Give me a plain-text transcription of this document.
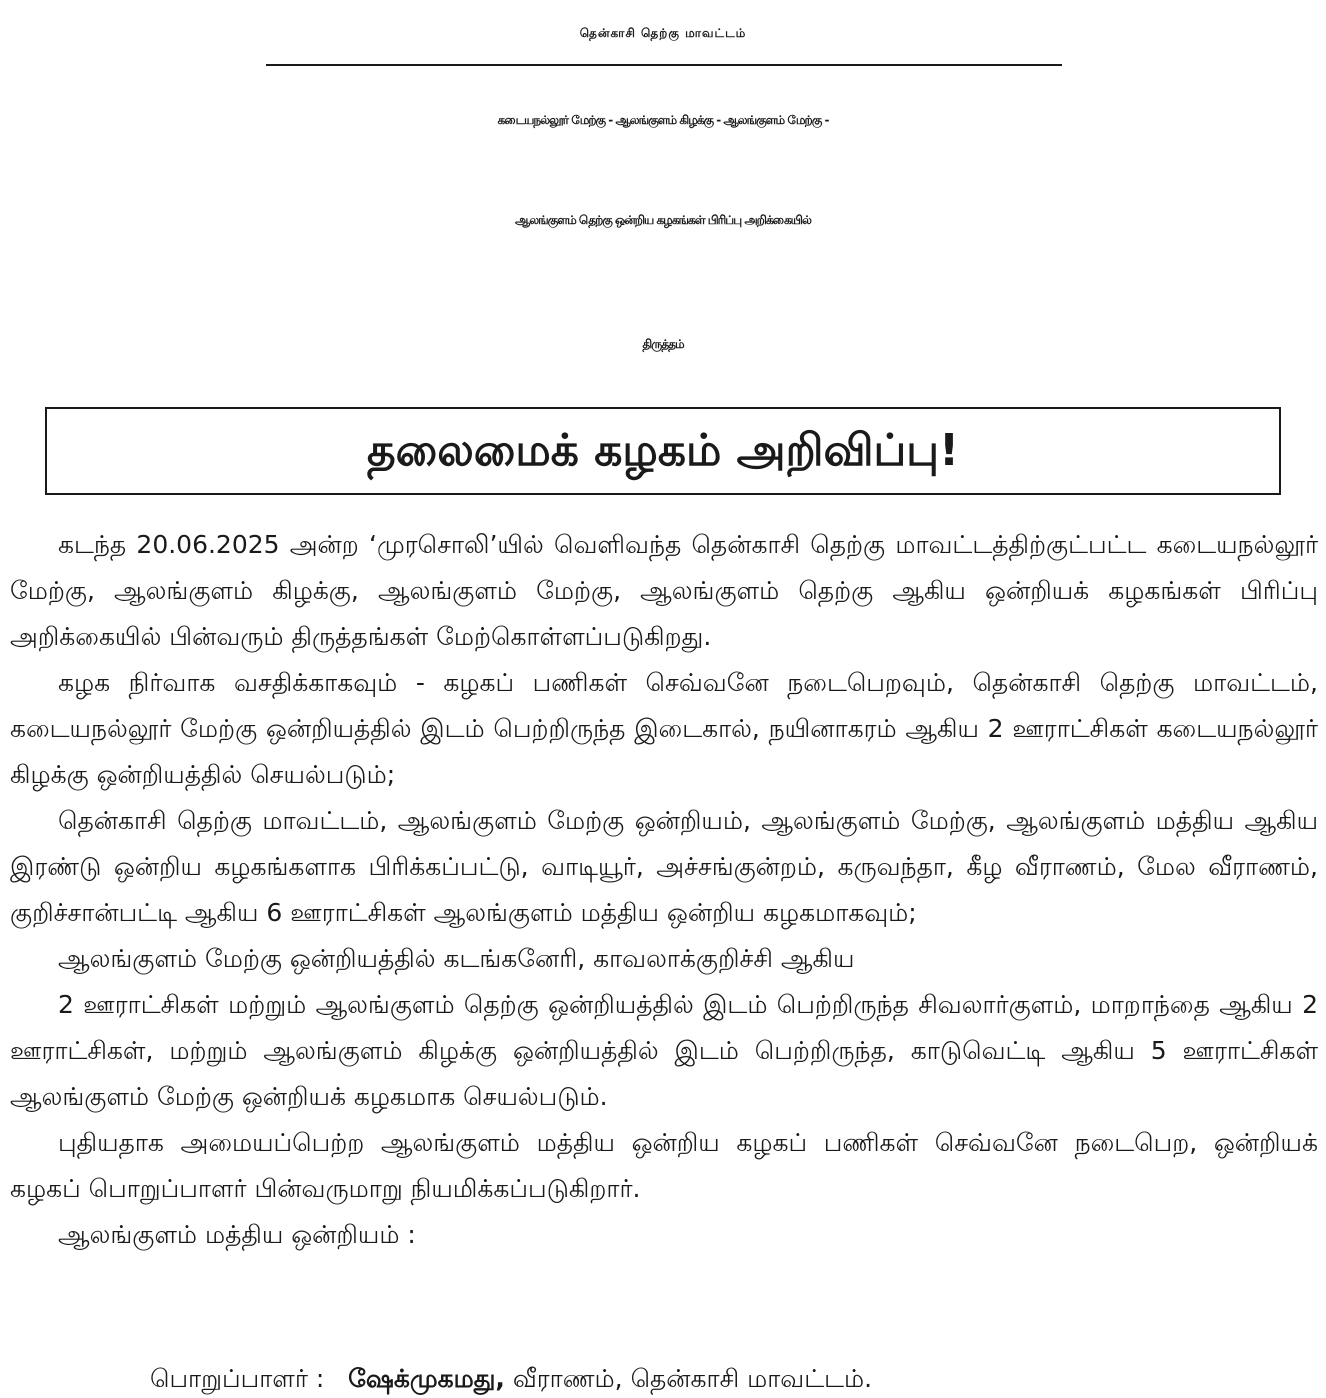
தென்காசி தெற்கு மாவட்டம்
கடையநல்லூர் மேற்கு - ஆலங்குளம் கிழக்கு - ஆலங்குளம் மேற்கு -
ஆலங்குளம் தெற்கு ஒன்றிய கழகங்கள் பிரிப்பு அறிக்கையில்
திருத்தம்
தலைமைக் கழகம் அறிவிப்பு!

கடந்த 20.06.2025 அன்ற ‘முரசொலி’யில் வெளிவந்த தென்காசி தெற்கு மாவட்டத்திற்குட்பட்ட கடையநல்லூர் மேற்கு, ஆலங்குளம் கிழக்கு, ஆலங்குளம் மேற்கு, ஆலங்குளம் தெற்கு ஆகிய ஒன்றியக் கழகங்கள் பிரிப்பு அறிக்கையில் பின்வரும் திருத்தங்கள் மேற்கொள்ளப்படுகிறது.

கழக நிர்வாக வசதிக்காகவும் - கழகப் பணிகள் செவ்வனே நடைபெறவும், தென்காசி தெற்கு மாவட்டம், கடையநல்லூர் மேற்கு ஒன்றியத்தில் இடம் பெற்றிருந்த இடைகால், நயினாகரம் ஆகிய 2 ஊராட்சிகள் கடையநல்லூர் கிழக்கு ஒன்றியத்தில் செயல்படும்;

தென்காசி தெற்கு மாவட்டம், ஆலங்குளம் மேற்கு ஒன்றியம், ஆலங்குளம் மேற்கு, ஆலங்குளம் மத்திய ஆகிய இரண்டு ஒன்றிய கழகங்களாக பிரிக்கப்பட்டு, வாடியூர், அச்சங்குன்றம், கருவந்தா, கீழ வீராணம், மேல வீராணம், குறிச்சான்பட்டி ஆகிய 6 ஊராட்சிகள் ஆலங்குளம் மத்திய ஒன்றிய கழகமாகவும்;

ஆலங்குளம் மேற்கு ஒன்றியத்தில் கடங்கனேரி, காவலாக்குறிச்சி ஆகிய

2 ஊராட்சிகள் மற்றும் ஆலங்குளம் தெற்கு ஒன்றியத்தில் இடம் பெற்றிருந்த சிவலார்குளம், மாறாந்தை ஆகிய 2 ஊராட்சிகள், மற்றும் ஆலங்குளம் கிழக்கு ஒன்றியத்தில் இடம் பெற்றிருந்த, காடுவெட்டி ஆகிய 5 ஊராட்சிகள் ஆலங்குளம் மேற்கு ஒன்றியக் கழகமாக செயல்படும்.

புதியதாக அமையப்பெற்ற ஆலங்குளம் மத்திய ஒன்றிய கழகப் பணிகள் செவ்வனே நடைபெற, ஒன்றியக் கழகப் பொறுப்பாளர் பின்வருமாறு நியமிக்கப்படுகிறார்.

ஆலங்குளம் மத்திய ஒன்றியம் :

பொறுப்பாளர் : ஷேக்முகமது, வீராணம், தென்காசி மாவட்டம்.
